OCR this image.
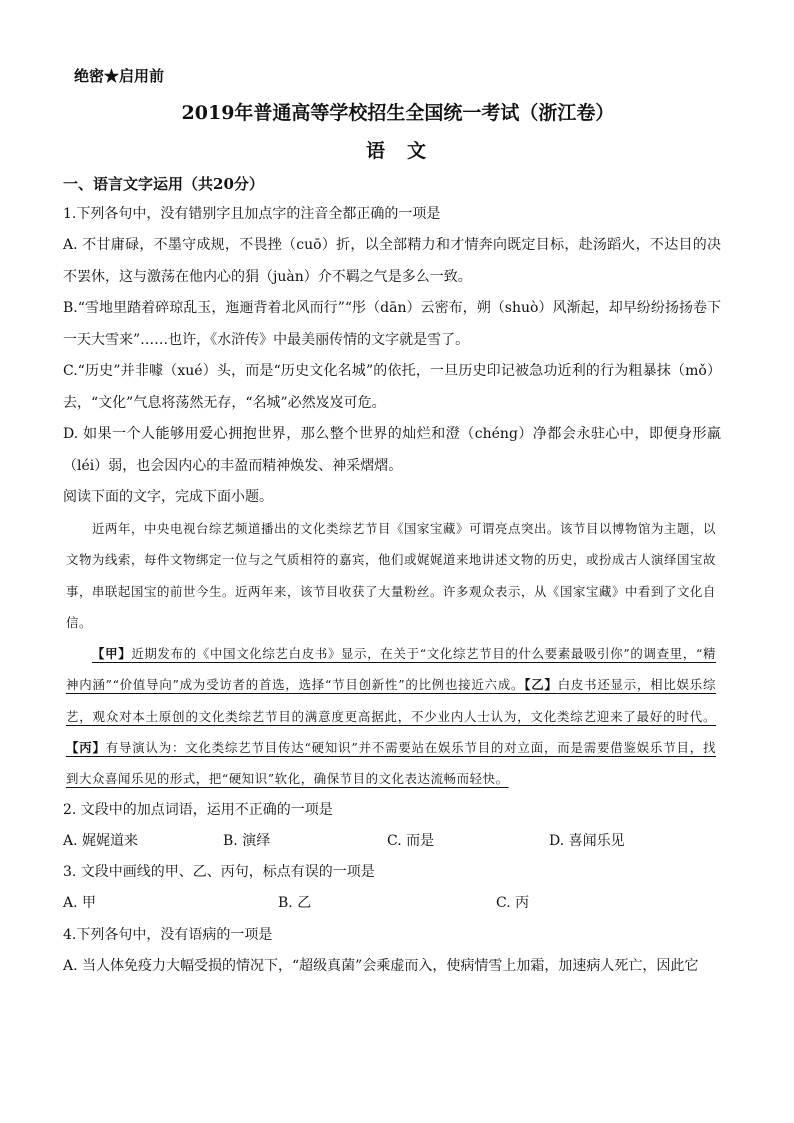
绝密★启用前
2019年普通高等学校招生全国统一考试（浙江卷）
语文
一、语言文字运用（共20分）
1.下列各句中，没有错别字且加点字的注音全都正确的一项是
A. 不甘庸碌，不墨守成规，不畏挫（cuō）折，以全部精力和才情奔向既定目标，赴汤蹈火，不达目的决不罢休，这与激荡在他内心的狷（juàn）介不羁之气是多么一致。
B.“雪地里踏着碎琼乱玉，迤逦背着北风而行”“彤（dān）云密布，朔（shuò）风渐起，却早纷纷扬扬卷下一天大雪来”……也许，《水浒传》中最美丽传情的文字就是雪了。
C.“历史”并非噱（xué）头，而是“历史文化名城”的依托，一旦历史印记被急功近利的行为粗暴抹（mǒ）去，“文化”气息将荡然无存，“名城”必然岌岌可危。
D. 如果一个人能够用爱心拥抱世界，那么整个世界的灿烂和澄（chéng）净都会永驻心中，即便身形羸（léi）弱，也会因内心的丰盈而精神焕发、神采熠熠。
阅读下面的文字，完成下面小题。
近两年，中央电视台综艺频道播出的文化类综艺节目《国家宝藏》可谓亮点突出。该节目以博物馆为主题，以文物为线索，每件文物绑定一位与之气质相符的嘉宾，他们或娓娓道来地讲述文物的历史，或扮成古人演绎国宝故事，串联起国宝的前世今生。近两年来，该节目收获了大量粉丝。许多观众表示，从《国家宝藏》中看到了文化自信。
【甲】近期发布的《中国文化综艺白皮书》显示，在关于“文化综艺节目的什么要素最吸引你”的调查里，“精神内涵”“价值导向”成为受访者的首选，选择“节目创新性”的比例也接近六成。【乙】白皮书还显示，相比娱乐综艺，观众对本土原创的文化类综艺节目的满意度更高据此，不少业内人士认为，文化类综艺迎来了最好的时代。【丙】有导演认为：文化类综艺节目传达“硬知识”并不需要站在娱乐节目的对立面，而是需要借鉴娱乐节目，找到大众喜闻乐见的形式，把“硬知识”软化，确保节目的文化表达流畅而轻快。
2. 文段中的加点词语，运用不正确的一项是
A. 娓娓道来	B. 演绎	C. 而是	D. 喜闻乐见
3. 文段中画线的甲、乙、丙句，标点有误的一项是
A. 甲	B. 乙	C. 丙
4.下列各句中，没有语病的一项是
A. 当人体免疫力大幅受损的情况下，“超级真菌”会乘虚而入，使病情雪上加霜，加速病人死亡，因此它
